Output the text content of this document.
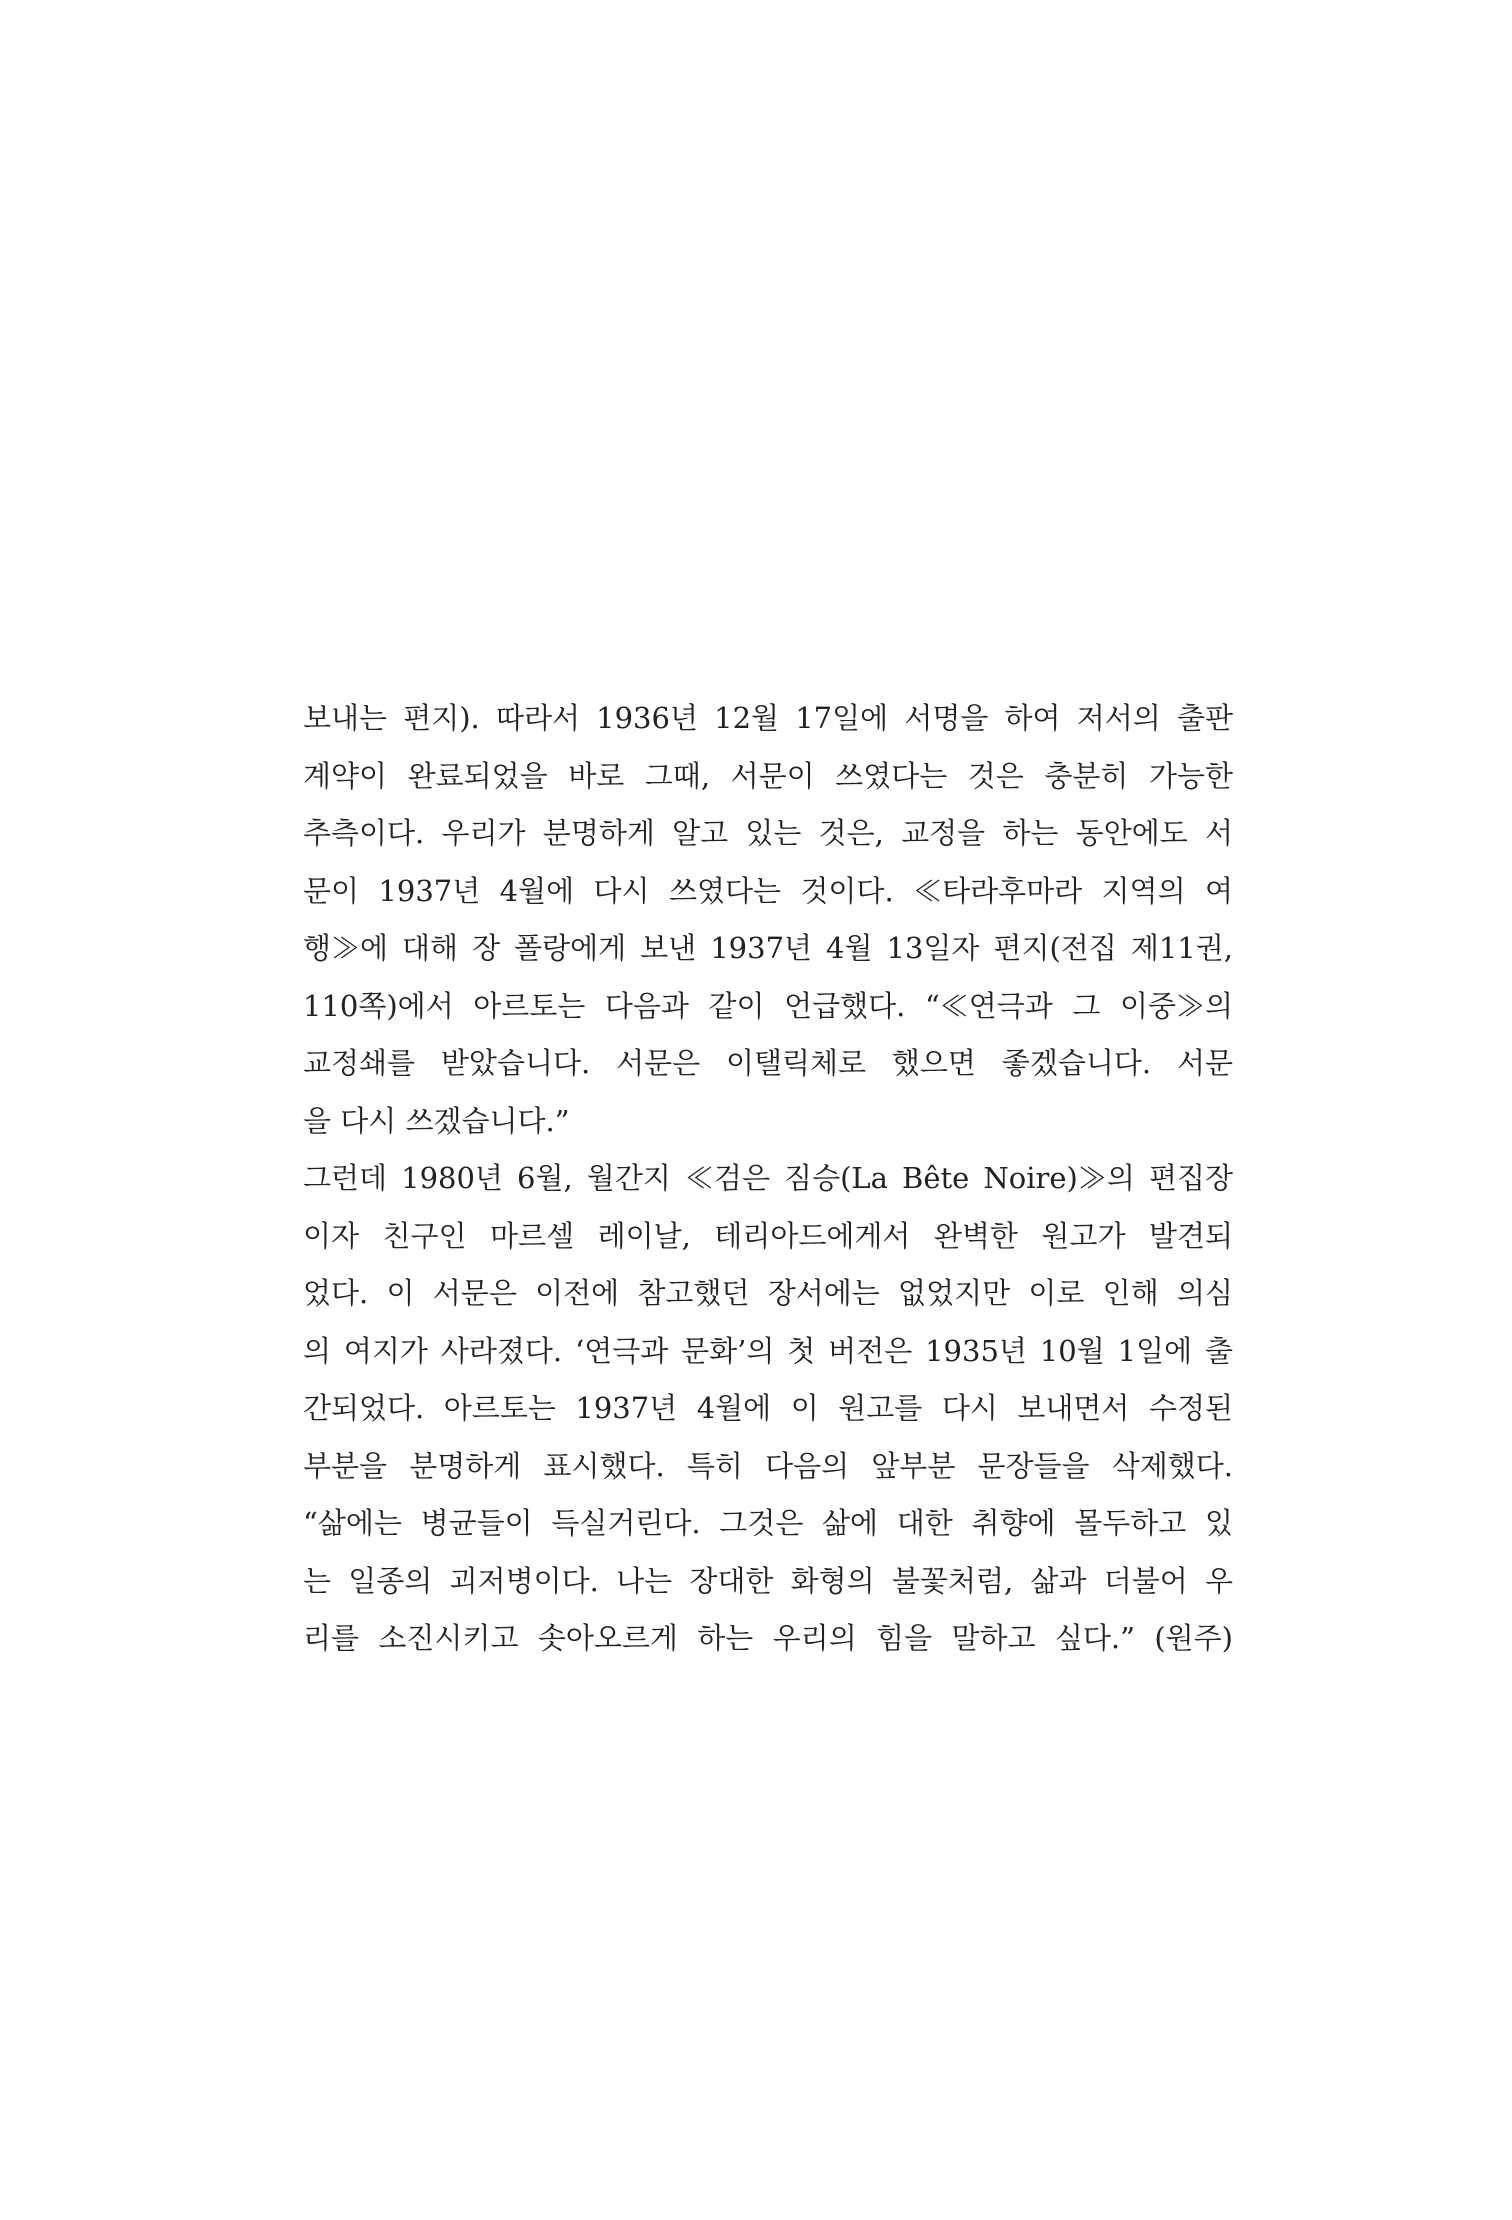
보내는 편지). 따라서 1936년 12월 17일에 서명을 하여 저서의 출판
계약이 완료되었을 바로 그때, 서문이 쓰였다는 것은 충분히 가능한
추측이다. 우리가 분명하게 알고 있는 것은, 교정을 하는 동안에도 서
문이 1937년 4월에 다시 쓰였다는 것이다. ≪타라후마라 지역의 여
행≫에 대해 장 폴랑에게 보낸 1937년 4월 13일자 편지(전집 제11권,
110쪽)에서 아르토는 다음과 같이 언급했다. “≪연극과 그 이중≫의
교정쇄를 받았습니다. 서문은 이탤릭체로 했으면 좋겠습니다. 서문
을 다시 쓰겠습니다.”
그런데 1980년 6월, 월간지 ≪검은 짐승(La Bête Noire)≫의 편집장
이자 친구인 마르셀 레이날, 테리아드에게서 완벽한 원고가 발견되
었다. 이 서문은 이전에 참고했던 장서에는 없었지만 이로 인해 의심
의 여지가 사라졌다. ‘연극과 문화’의 첫 버전은 1935년 10월 1일에 출
간되었다. 아르토는 1937년 4월에 이 원고를 다시 보내면서 수정된
부분을 분명하게 표시했다. 특히 다음의 앞부분 문장들을 삭제했다.
“삶에는 병균들이 득실거린다. 그것은 삶에 대한 취향에 몰두하고 있
는 일종의 괴저병이다. 나는 장대한 화형의 불꽃처럼, 삶과 더불어 우
리를 소진시키고 솟아오르게 하는 우리의 힘을 말하고 싶다.” (원주)
